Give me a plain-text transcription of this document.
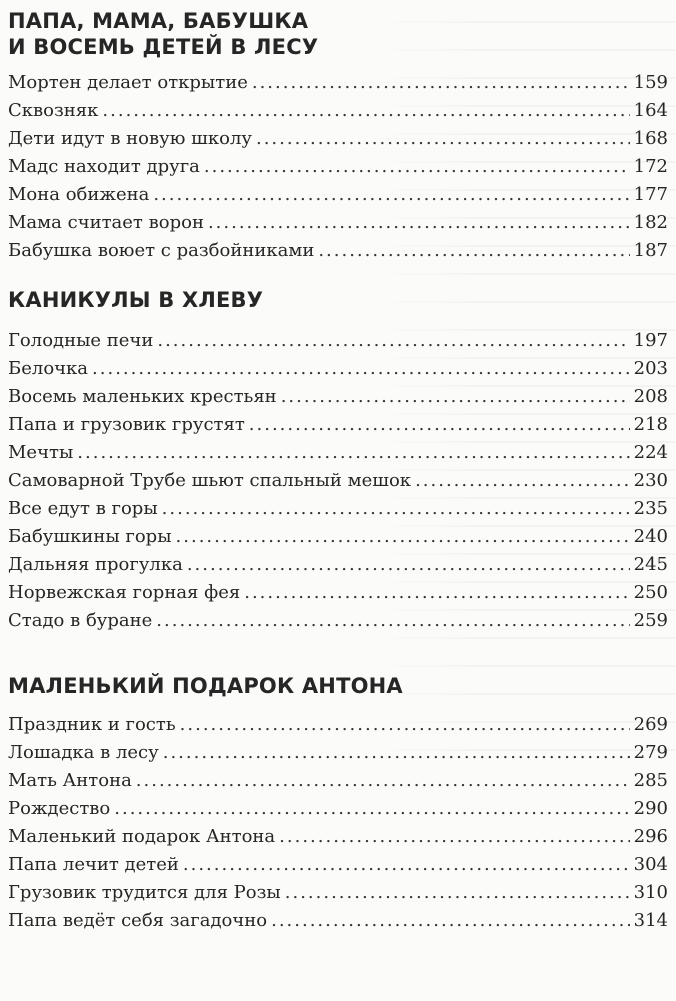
ПАПА, МАМА, БАБУШКА
И ВОСЕМЬ ДЕТЕЙ В ЛЕСУ
Мортен делает открытие .....	159
Сквозняк .....	164
Дети идут в новую школу .....	168
Мадс находит друга .....	172
Мона обижена .....	177
Мама считает ворон .....	182
Бабушка воюет с разбойниками .....	187
КАНИКУЛЫ В ХЛЕВУ
Голодные печи .....	197
Белочка .....	203
Восемь маленьких крестьян .....	208
Папа и грузовик грустят .....	218
Мечты .....	224
Самоварной Трубе шьют спальный мешок .....	230
Все едут в горы .....	235
Бабушкины горы .....	240
Дальняя прогулка .....	245
Норвежская горная фея .....	250
Стадо в буране .....	259
МАЛЕНЬКИЙ ПОДАРОК АНТОНА
Праздник и гость .....	269
Лошадка в лесу .....	279
Мать Антона .....	285
Рождество .....	290
Маленький подарок Антона .....	296
Папа лечит детей .....	304
Грузовик трудится для Розы .....	310
Папа ведёт себя загадочно .....	314
